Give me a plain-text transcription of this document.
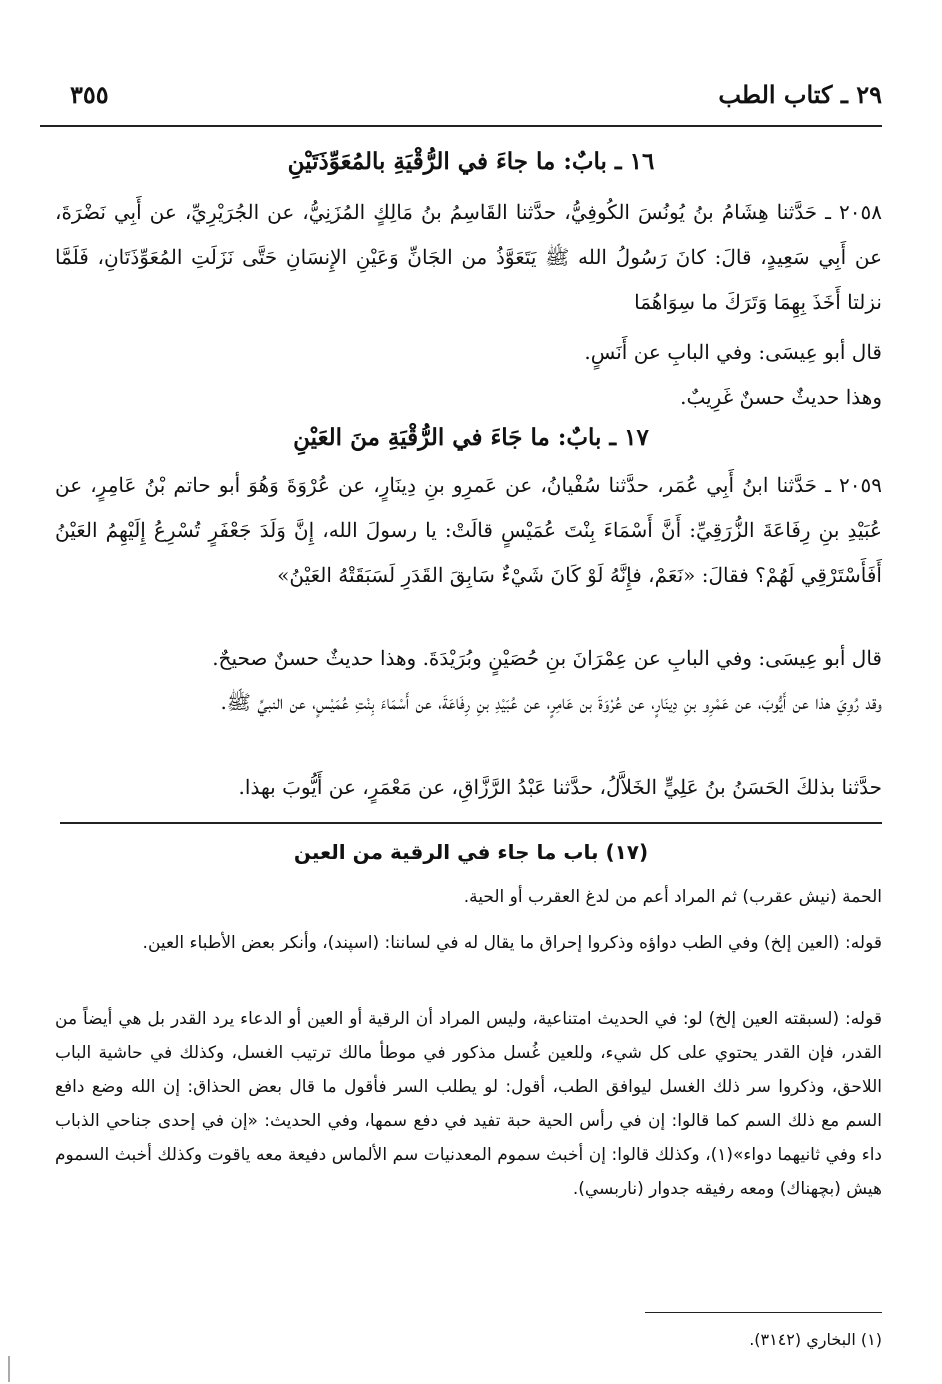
٢٩ ـ كتاب الطب
٣٥٥
١٦ ـ بابٌ: ما جاءَ في الرُّقْيَةِ بالمُعَوِّذَتَيْنِ

٢٠٥٨ ـ حَدَّثنا هِشَامُ بنُ يُونُسَ الكُوفِيُّ، حدَّثنا القَاسِمُ بنُ مَالِكٍ المُزَنِيُّ، عن الجُرَيْرِيِّ، عن أَبِي نَضْرَةَ، عن أَبِي سَعِيدٍ، قالَ: كانَ رَسُولُ الله ﷺ يَتَعَوَّذُ من الجَانِّ وَعَيْنِ الإِنسَانِ حَتَّى نَزَلَتِ المُعَوِّذَتَانِ، فَلَمَّا نزلتا أَخَذَ بِهِمَا وَتَرَكَ ما سِوَاهُمَا

قال أبو عِيسَى: وفي البابِ عن أَنَسٍ.

وهذا حديثٌ حسنٌ غَرِيبٌ.

١٧ ـ بابٌ: ما جَاءَ في الرُّقْيَةِ منَ العَيْنِ

٢٠٥٩ ـ حَدَّثنا ابنُ أَبِي عُمَر، حدَّثنا سُفْيانُ، عن عَمرِو بنِ دِينَارٍ، عن عُرْوَةَ وَهُوَ أبو حاتم بْنُ عَامِرٍ، عن عُبَيْدِ بنِ رِفَاعَةَ الزُّرَقِيِّ: أَنَّ أَسْمَاءَ بِنْتَ عُمَيْسٍ قالَتْ: يا رسولَ الله، إِنَّ وَلَدَ جَعْفَرٍ تُسْرِعُ إِلَيْهِمُ العَيْنُ أَفَأَسْتَرْقِي لَهُمْ؟ فقالَ: «نَعَمْ، فإِنَّهُ لَوْ كَانَ شَيْءٌ سَابِقَ القَدَرِ لَسَبَقَتْهُ العَيْنُ»

قال أبو عِيسَى: وفي البابِ عن عِمْرَانَ بنِ حُصَيْنٍ وبُرَيْدَةَ. وهذا حديثٌ حسنٌ صحيحٌ.

وقد رُوِيَ هذا عن أَيُّوبَ، عن عَمْرِو بنِ دِينَارٍ، عن عُرْوَةَ بن عَامِرٍ، عن عُبَيْدِ بنِ رِفَاعَةَ، عن أَسْمَاءَ بِنْتِ عُمَيْسٍ، عن النبيِّ ﷺ.

حدَّثنا بذلكَ الحَسَنُ بنُ عَلِيٍّ الخَلاَّلُ، حدَّثنا عَبْدُ الرَّزَّاقِ، عن مَعْمَرٍ، عن أَيُّوبَ بهذا.

(١٧) باب ما جاء في الرقية من العين

الحمة (نيش عقرب) ثم المراد أعم من لدغ العقرب أو الحية.

قوله: (العين إلخ) وفي الطب دواؤه وذكروا إحراق ما يقال له في لساننا: (اسپند)، وأنكر بعض الأطباء العين.

قوله: (لسبقته العين إلخ) لو: في الحديث امتناعية، وليس المراد أن الرقية أو العين أو الدعاء يرد القدر بل هي أيضاً من القدر، فإن القدر يحتوي على كل شيء، وللعين غُسل مذكور في موطأ مالك ترتيب الغسل، وكذلك في حاشية الباب اللاحق، وذكروا سر ذلك الغسل ليوافق الطب، أقول: لو يطلب السر فأقول ما قال بعض الحذاق: إن الله وضع دافع السم مع ذلك السم كما قالوا: إن في رأس الحية حبة تفيد في دفع سمها، وفي الحديث: «إن في إحدى جناحي الذباب داء وفي ثانيهما دواء»(١)، وكذلك قالوا: إن أخبث سموم المعدنيات سم الألماس دفيعة معه ياقوت وكذلك أخبث السموم هيش (بچهناك) ومعه رفيقه جدوار (ناربسي).

(١) البخاري (٣١٤٢).
